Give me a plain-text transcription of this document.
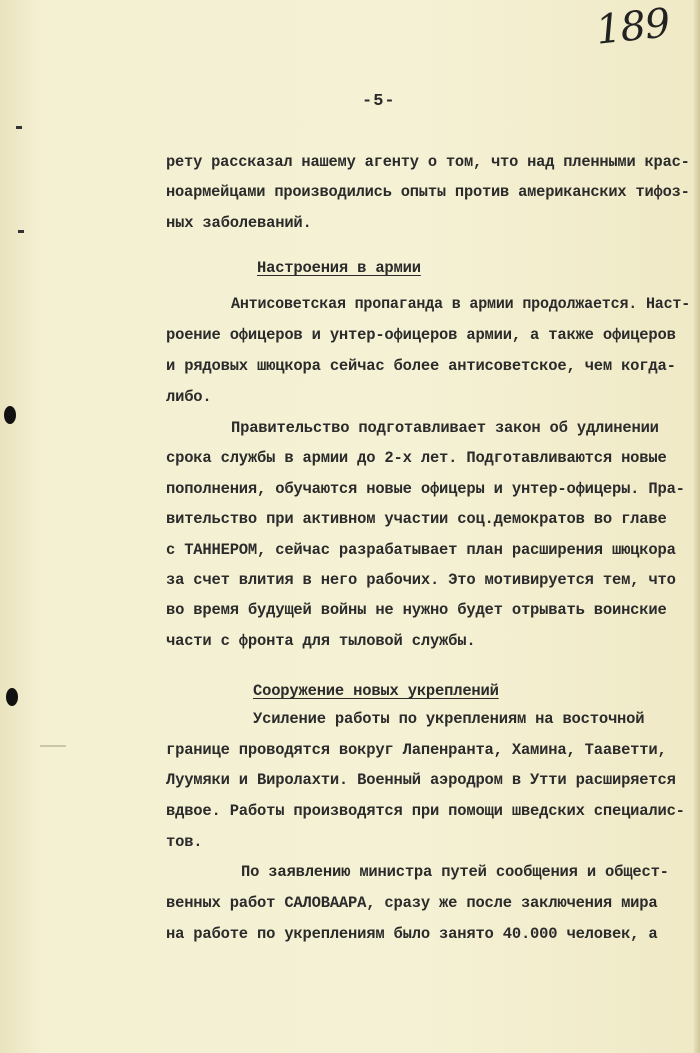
189
-5-
рету рассказал нашему агенту о том, что над пленными крас-
ноармейцами производились опыты против американских тифоз-
ных заболеваний.
Настроения в армии
Антисоветская пропаганда в армии продолжается. Наст-
роение офицеров и унтер-офицеров армии, а также офицеров
и рядовых шюцкора сейчас более антисоветское, чем когда-
либо.
Правительство подготавливает закон об удлинении
срока службы в армии до 2-х лет. Подготавливаются новые
пополнения, обучаются новые офицеры и унтер-офицеры. Пра-
вительство при активном участии соц.демократов во главе
с ТАННЕРОМ, сейчас разрабатывает план расширения шюцкора
за счет влития в него рабочих. Это мотивируется тем, что
во время будущей войны не нужно будет отрывать воинские
части с фронта для тыловой службы.
Сооружение новых укреплений
Усиление работы по укреплениям на восточной
границе проводятся вокруг Лапенранта, Хамина, Тааветти,
Луумяки и Виролахти. Военный аэродром в Утти расширяется
вдвое. Работы производятся при помощи шведских специалис-
тов.
По заявлению министра путей сообщения и общест-
венных работ САЛОВААРА, сразу же после заключения мира
на работе по укреплениям было занято 40.000 человек, а
